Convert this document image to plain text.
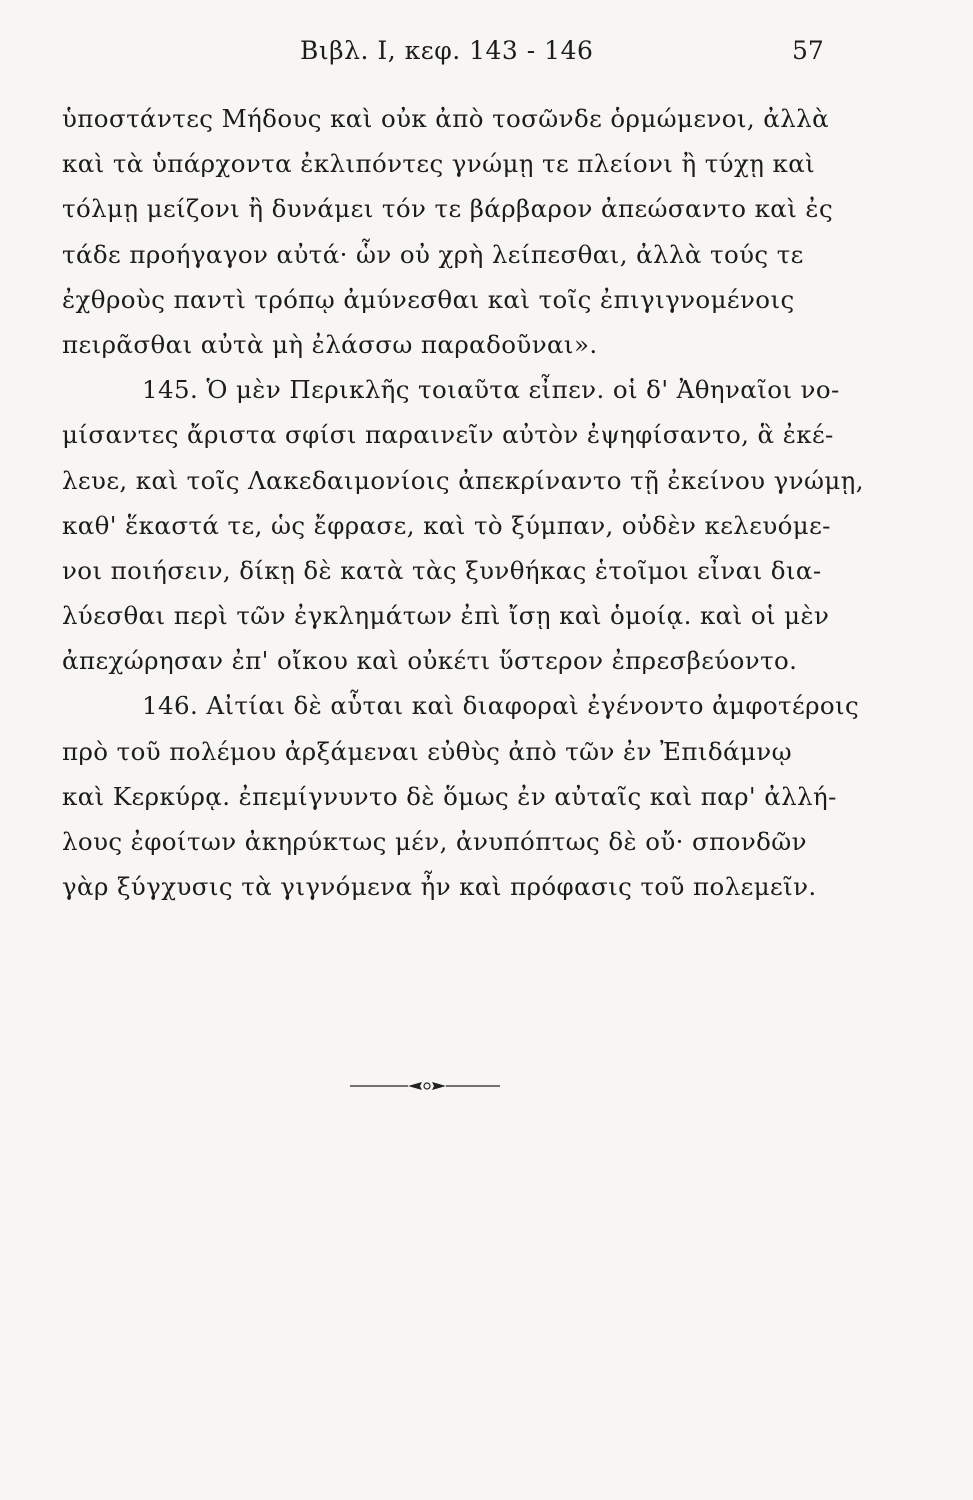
Βιβλ. Ι, κεφ. 143 - 146	57
ὑποστάντες Μήδους καὶ οὐκ ἀπὸ τοσῶνδε ὁρμώμενοι, ἀλλὰ
καὶ τὰ ὑπάρχοντα ἐκλιπόντες γνώμῃ τε πλείονι ἢ τύχῃ καὶ
τόλμῃ μείζονι ἢ δυνάμει τόν τε βάρβαρον ἀπεώσαντο καὶ ἐς
τάδε προήγαγον αὐτά· ὧν οὐ χρὴ λείπεσθαι, ἀλλὰ τούς τε
ἐχθροὺς παντὶ τρόπῳ ἀμύνεσθαι καὶ τοῖς ἐπιγιγνομένοις
πειρᾶσθαι αὐτὰ μὴ ἐλάσσω παραδοῦναι».
145. Ὁ μὲν Περικλῆς τοιαῦτα εἶπεν. οἱ δ' Ἀθηναῖοι νο-
μίσαντες ἄριστα σφίσι παραινεῖν αὐτὸν ἐψηφίσαντο, ἃ ἐκέ-
λευε, καὶ τοῖς Λακεδαιμονίοις ἀπεκρίναντο τῇ ἐκείνου γνώμῃ,
καθ' ἕκαστά τε, ὡς ἔφρασε, καὶ τὸ ξύμπαν, οὐδὲν κελευόμε-
νοι ποιήσειν, δίκῃ δὲ κατὰ τὰς ξυνθήκας ἑτοῖμοι εἶναι δια-
λύεσθαι περὶ τῶν ἐγκλημάτων ἐπὶ ἴσῃ καὶ ὁμοίᾳ. καὶ οἱ μὲν
ἀπεχώρησαν ἐπ' οἴκου καὶ οὐκέτι ὕστερον ἐπρεσβεύοντο.
146. Αἰτίαι δὲ αὗται καὶ διαφοραὶ ἐγένοντο ἀμφοτέροις
πρὸ τοῦ πολέμου ἀρξάμεναι εὐθὺς ἀπὸ τῶν ἐν Ἐπιδάμνῳ
καὶ Κερκύρᾳ. ἐπεμίγνυντο δὲ ὅμως ἐν αὐταῖς καὶ παρ' ἀλλή-
λους ἐφοίτων ἀκηρύκτως μέν, ἀνυπόπτως δὲ οὔ· σπονδῶν
γὰρ ξύγχυσις τὰ γιγνόμενα ἦν καὶ πρόφασις τοῦ πολεμεῖν.
